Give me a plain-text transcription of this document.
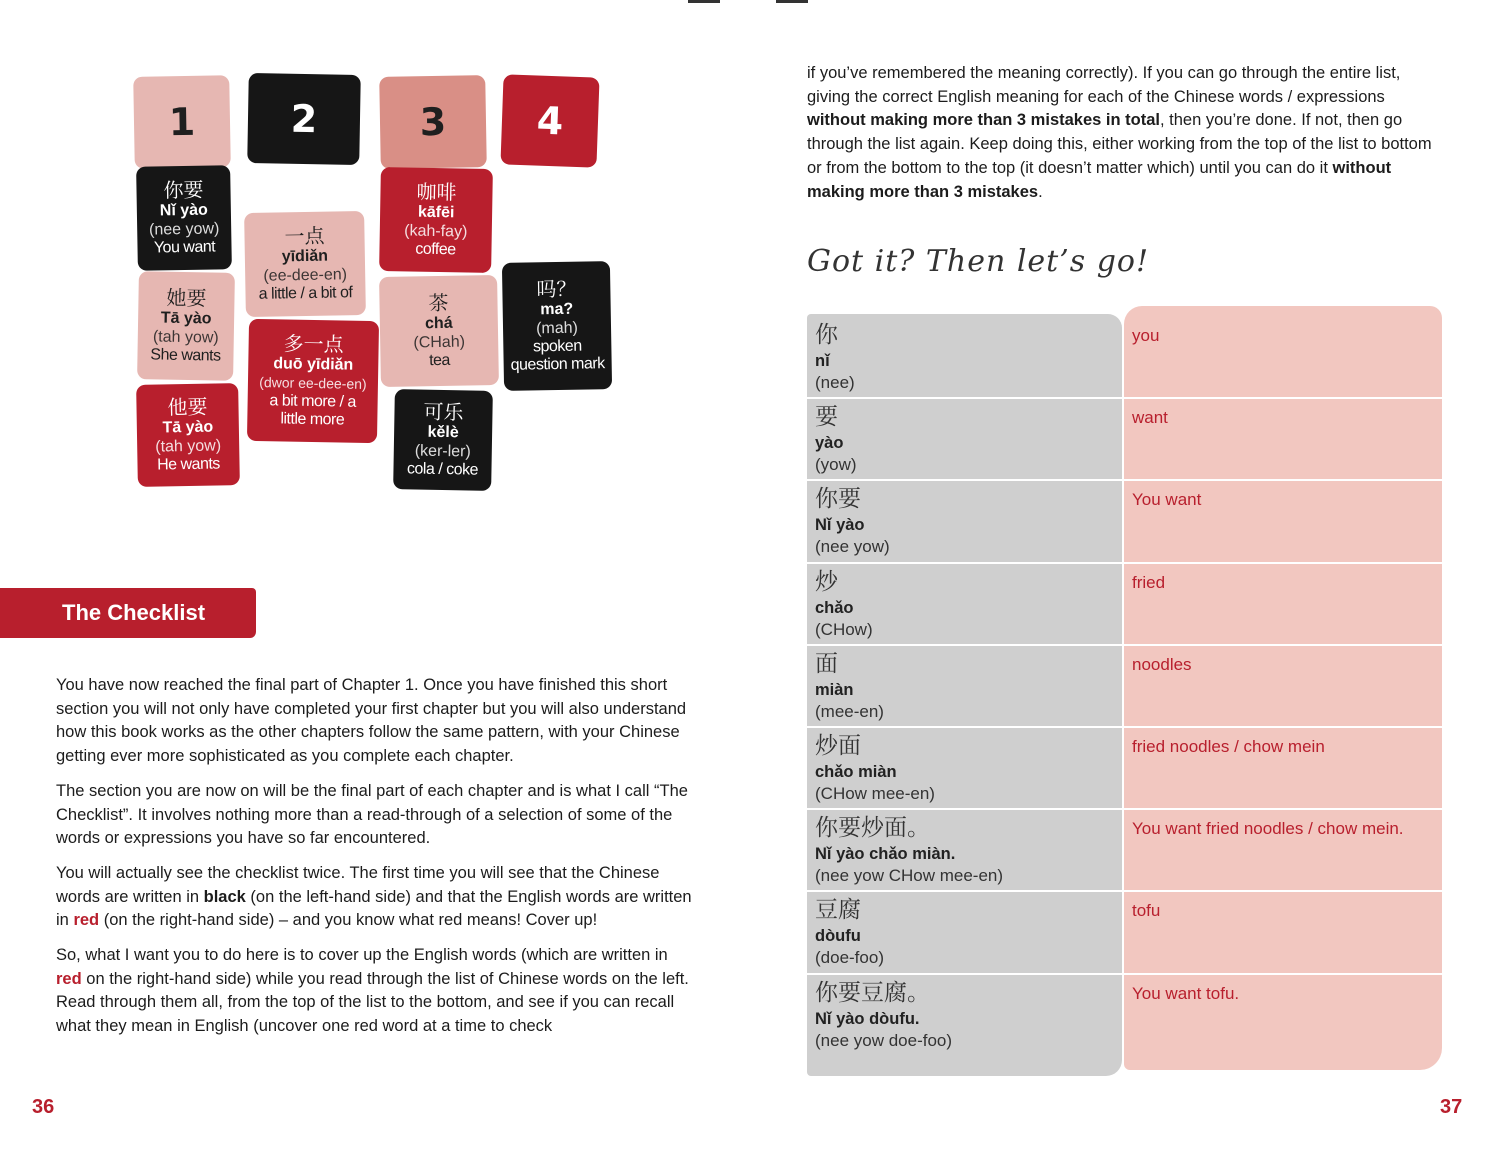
1 2	3 4
你要
Nǐ yào
(nee yow)
You want
她要
Tā yào
(tah yow)
She wants
他要
Tā yào
(tah yow)
He wants
一点
yīdiǎn
(ee-dee-en)
a little / a bit of
多一点
duō yīdiǎn
(dwor ee-dee-en)
a bit more / a little more
咖啡
kāfēi
(kah-fay)
coffee
茶
chá
(CHah)
tea
可乐
kělè
(ker-ler)
cola / coke
吗？
ma?
(mah)
spoken question mark
The Checklist

You have now reached the final part of Chapter 1. Once you have finished this short section you will not only have completed your first chapter but you will also understand how this book works as the other chapters follow the same pattern, with your Chinese getting ever more sophisticated as you complete each chapter.

The section you are now on will be the final part of each chapter and is what I call “The Checklist”. It involves nothing more than a read-through of a selection of some of the words or expressions you have so far encountered.

You will actually see the checklist twice. The first time you will see that the Chinese words are written in black (on the left-hand side) and that the English words are written in red (on the right-hand side) – and you know what red means! Cover up!

So, what I want you to do here is to cover up the English words (which are written in red on the right-hand side) while you read through the list of Chinese words on the left. Read through them all, from the top of the list to the bottom, and see if you can recall what they mean in English (uncover one red word at a time to check

36
if you’ve remembered the meaning correctly). If you can go through the entire list, giving the correct English meaning for each of the Chinese words / expressions without making more than 3 mistakes in total, then you’re done. If not, then go through the list again. Keep doing this, either working from the top of the list to bottom or from the bottom to the top (it doesn’t matter which) until you can do it without making more than 3 mistakes.
Got it? Then let’s go!
你
nǐ
(nee)
you
要
yào
(yow)
want
你要
Nǐ yào
(nee yow)
You want
炒
chǎo
(CHow)
fried
面
miàn
(mee-en)
noodles
炒面
chǎo miàn
(CHow mee-en)
fried noodles / chow mein
你要炒面。
Nǐ yào chǎo miàn.
(nee yow CHow mee-en)
You want fried noodles / chow mein.
豆腐
dòufu
(doe-foo)
tofu
你要豆腐。
Nǐ yào dòufu.
(nee yow doe-foo)
You want tofu.
37
